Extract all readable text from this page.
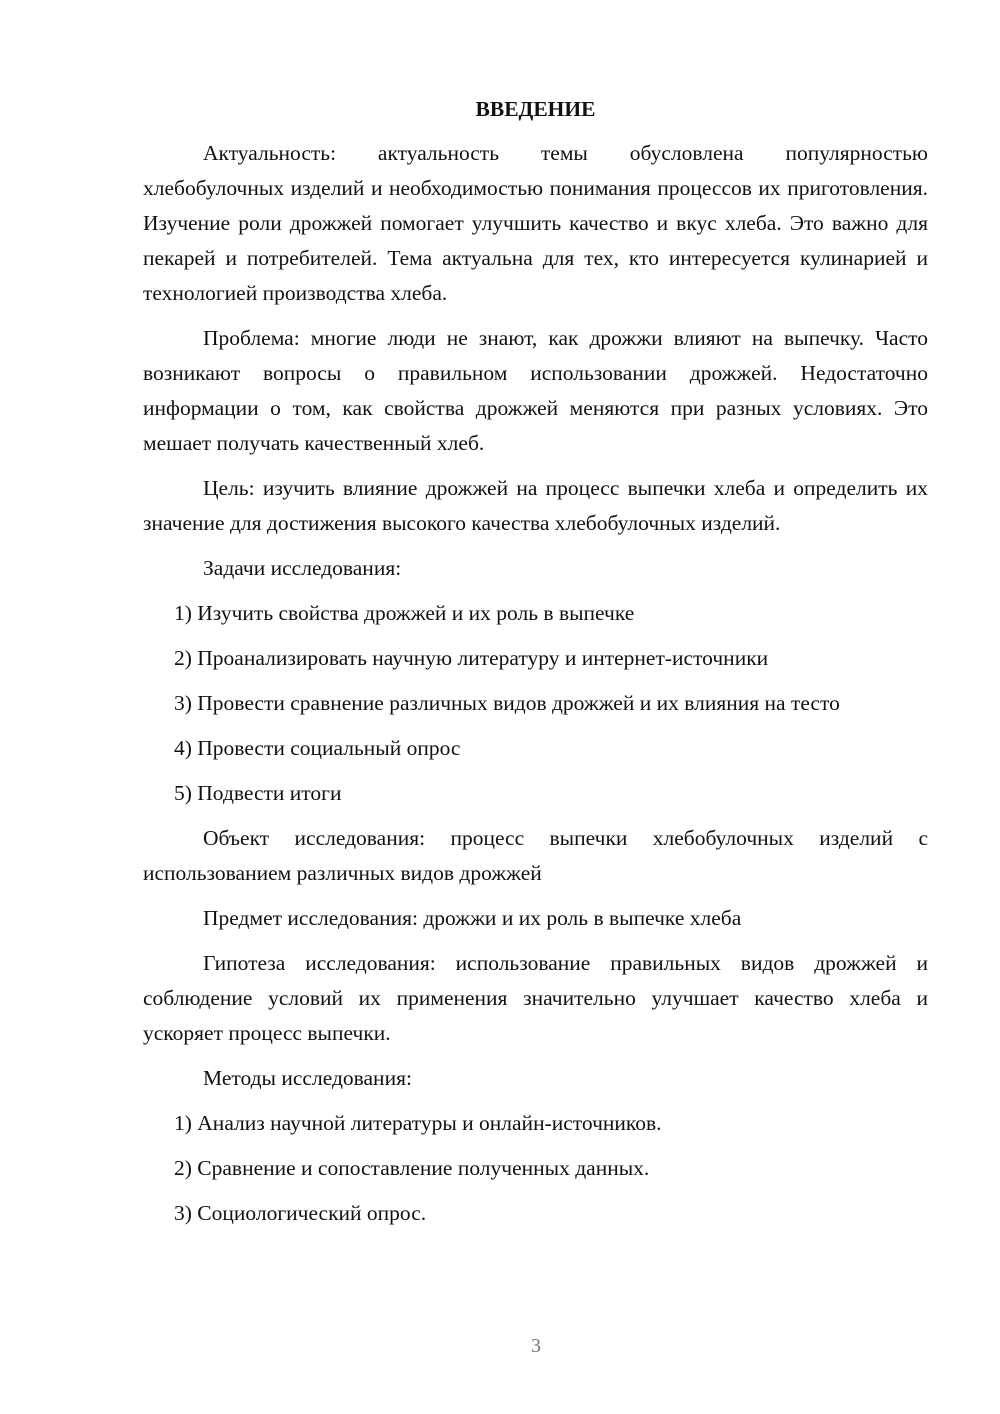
ВВЕДЕНИЕ

Актуальность: актуальность темы обусловлена популярностью хлебобулочных изделий и необходимостью понимания процессов их приготовления. Изучение роли дрожжей помогает улучшить качество и вкус хлеба. Это важно для пекарей и потребителей. Тема актуальна для тех, кто интересуется кулинарией и технологией производства хлеба.

Проблема: многие люди не знают, как дрожжи влияют на выпечку. Часто возникают вопросы о правильном использовании дрожжей. Недостаточно информации о том, как свойства дрожжей меняются при разных условиях. Это мешает получать качественный хлеб.

Цель: изучить влияние дрожжей на процесс выпечки хлеба и определить их значение для достижения высокого качества хлебобулочных изделий.

Задачи исследования:

1) Изучить свойства дрожжей и их роль в выпечке

2) Проанализировать научную литературу и интернет-источники

3) Провести сравнение различных видов дрожжей и их влияния на тесто

4) Провести социальный опрос

5) Подвести итоги

Объект исследования: процесс выпечки хлебобулочных изделий с использованием различных видов дрожжей

Предмет исследования: дрожжи и их роль в выпечке хлеба

Гипотеза исследования: использование правильных видов дрожжей и соблюдение условий их применения значительно улучшает качество хлеба и ускоряет процесс выпечки.

Методы исследования:

1) Анализ научной литературы и онлайн-источников.

2) Сравнение и сопоставление полученных данных.

3) Социологический опрос.

3
